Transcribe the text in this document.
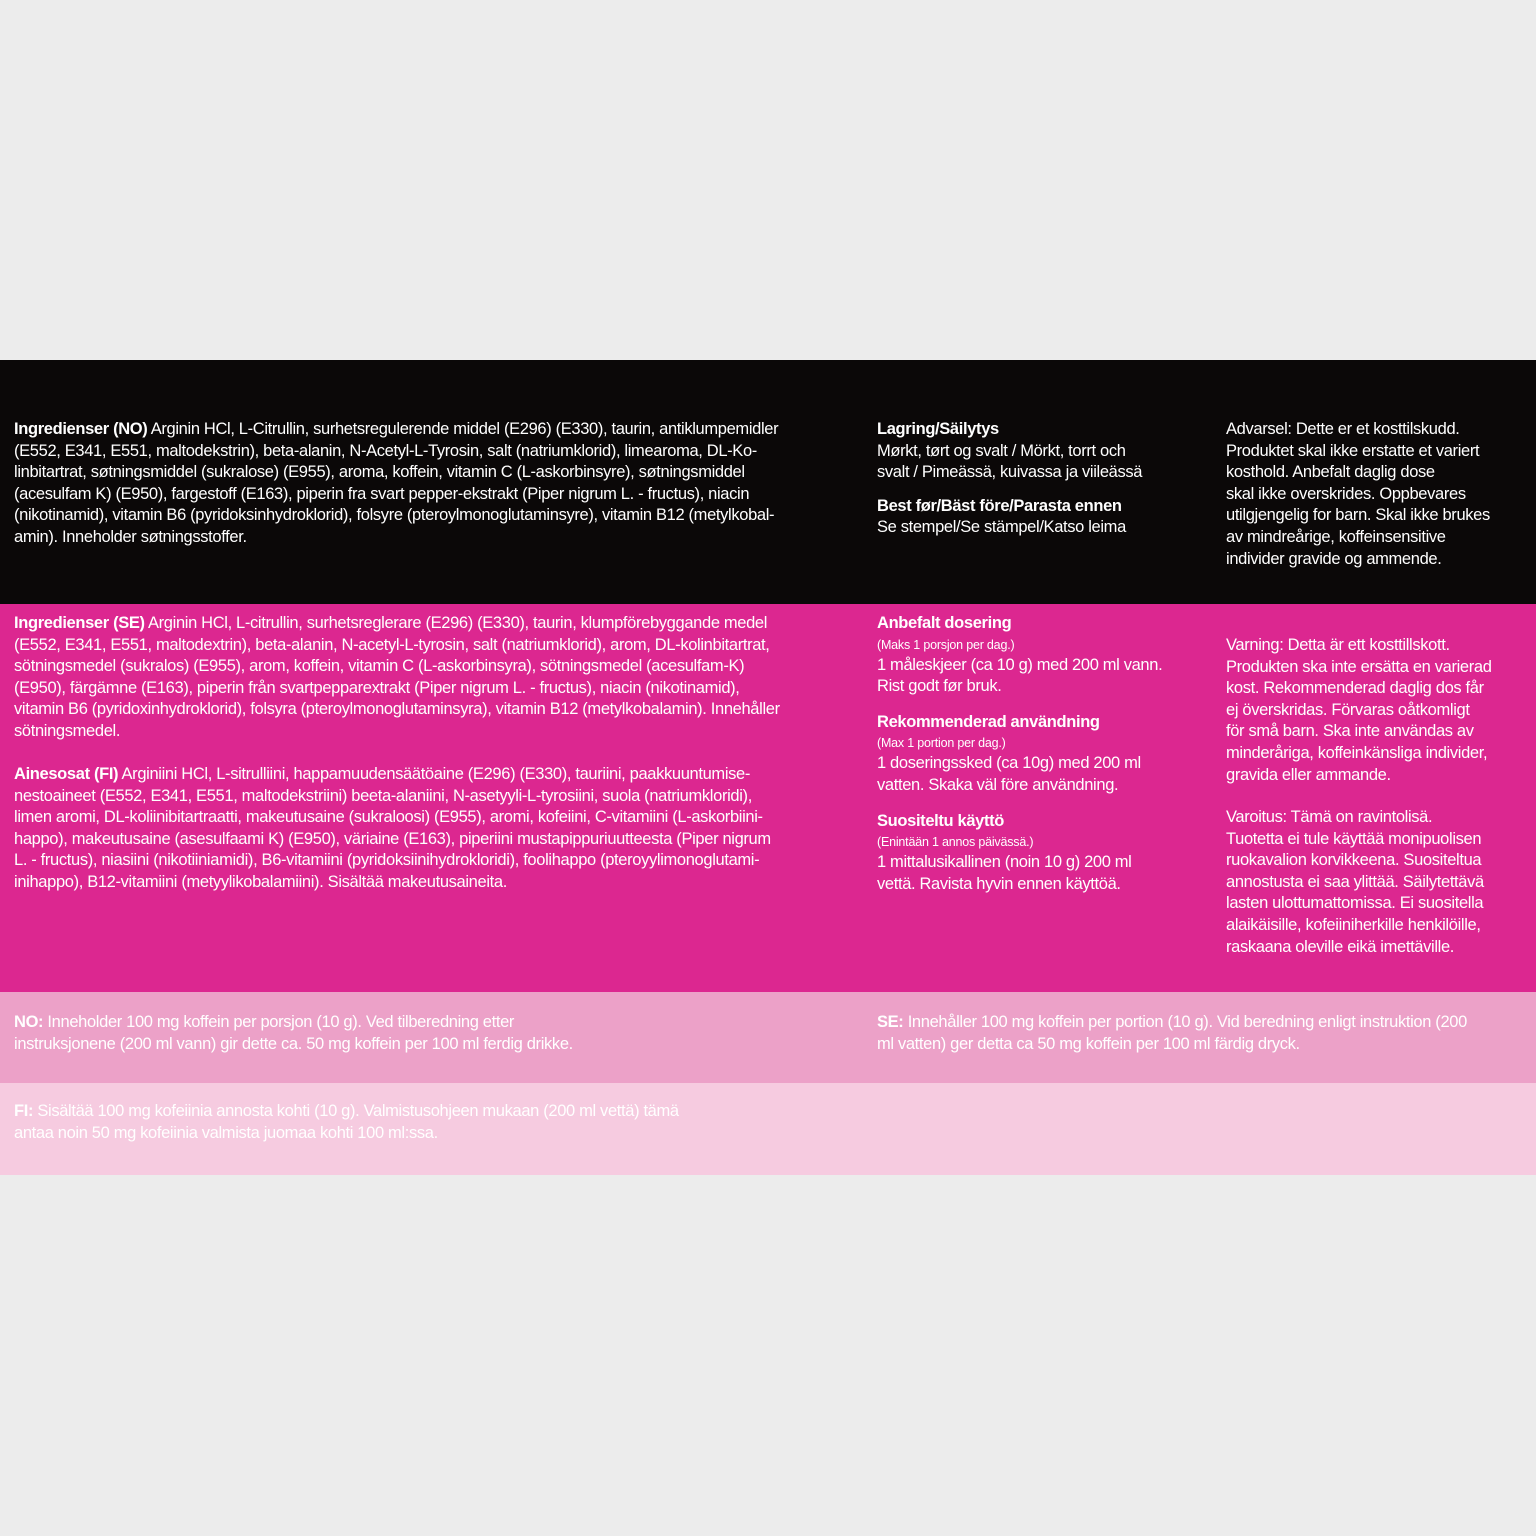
Ingredienser (NO) Arginin HCl, L-Citrullin, surhetsregulerende middel (E296) (E330), taurin, antiklumpemidler
(E552, E341, E551, maltodekstrin), beta-alanin, N-Acetyl-L-Tyrosin, salt (natriumklorid), limearoma, DL-Ko-
linbitartrat, søtningsmiddel (sukralose) (E955), aroma, koffein, vitamin C (L-askorbinsyre), søtningsmiddel
(acesulfam K) (E950), fargestoff (E163), piperin fra svart pepper-ekstrakt (Piper nigrum L. - fructus), niacin
(nikotinamid), vitamin B6 (pyridoksinhydroklorid), folsyre (pteroylmonoglutaminsyre), vitamin B12 (metylkobal-
amin). Inneholder søtningsstoffer.

Lagring/Säilytys
Mørkt, tørt og svalt / Mörkt, torrt och
svalt / Pimeässä, kuivassa ja viileässä
Best før/Bäst före/Parasta ennen
Se stempel/Se stämpel/Katso leima

Advarsel: Dette er et kosttilskudd.
Produktet skal ikke erstatte et variert
kosthold. Anbefalt daglig dose
skal ikke overskrides. Oppbevares
utilgjengelig for barn. Skal ikke brukes
av mindreårige, koffeinsensitive
individer gravide og ammende.

Ingredienser (SE) Arginin HCl, L-citrullin, surhetsreglerare (E296) (E330), taurin, klumpförebyggande medel
(E552, E341, E551, maltodextrin), beta-alanin, N-acetyl-L-tyrosin, salt (natriumklorid), arom, DL-kolinbitartrat,
sötningsmedel (sukralos) (E955), arom, koffein, vitamin C (L-askorbinsyra), sötningsmedel (acesulfam-K)
(E950), färgämne (E163), piperin från svartpepparextrakt (Piper nigrum L. - fructus), niacin (nikotinamid),
vitamin B6 (pyridoxinhydroklorid), folsyra (pteroylmonoglutaminsyra), vitamin B12 (metylkobalamin). Innehåller
sötningsmedel.

Ainesosat (FI) Arginiini HCl, L-sitrulliini, happamuudensäätöaine (E296) (E330), tauriini, paakkuuntumise-
nestoaineet (E552, E341, E551, maltodekstriini) beeta-alaniini, N-asetyyli-L-tyrosiini, suola (natriumkloridi),
limen aromi, DL-koliinibitartraatti, makeutusaine (sukraloosi) (E955), aromi, kofeiini, C-vitamiini (L-askorbiini-
happo), makeutusaine (asesulfaami K) (E950), väriaine (E163), piperiini mustapippuriuutteesta (Piper nigrum
L. - fructus), niasiini (nikotiiniamidi), B6-vitamiini (pyridoksiinihydrokloridi), foolihappo (pteroyylimonoglutami-
inihappo), B12-vitamiini (metyylikobalamiini). Sisältää makeutusaineita.

Anbefalt dosering
(Maks 1 porsjon per dag.)
1 måleskjeer (ca 10 g) med 200 ml vann.
Rist godt før bruk.
Rekommenderad användning
(Max 1 portion per dag.)
1 doseringssked (ca 10g) med 200 ml
vatten. Skaka väl före användning.
Suositeltu käyttö
(Enintään 1 annos päivässä.)
1 mittalusikallinen (noin 10 g) 200 ml
vettä. Ravista hyvin ennen käyttöä.

Varning: Detta är ett kosttillskott.
Produkten ska inte ersätta en varierad
kost. Rekommenderad daglig dos får
ej överskridas. Förvaras oåtkomligt
för små barn. Ska inte användas av
minderåriga, koffeinkänsliga individer,
gravida eller ammande.

Varoitus: Tämä on ravintolisä.
Tuotetta ei tule käyttää monipuolisen
ruokavalion korvikkeena. Suositeltua
annostusta ei saa ylittää. Säilytettävä
lasten ulottumattomissa. Ei suositella
alaikäisille, kofeiiniherkille henkilöille,
raskaana oleville eikä imettäville.

NO: Inneholder 100 mg koffein per porsjon (10 g). Ved tilberedning etter
instruksjonene (200 ml vann) gir dette ca. 50 mg koffein per 100 ml ferdig drikke.

SE: Innehåller 100 mg koffein per portion (10 g). Vid beredning enligt instruktion (200
ml vatten) ger detta ca 50 mg koffein per 100 ml färdig dryck.

FI: Sisältää 100 mg kofeiinia annosta kohti (10 g). Valmistusohjeen mukaan (200 ml vettä) tämä
antaa noin 50 mg kofeiinia valmista juomaa kohti 100 ml:ssa.
